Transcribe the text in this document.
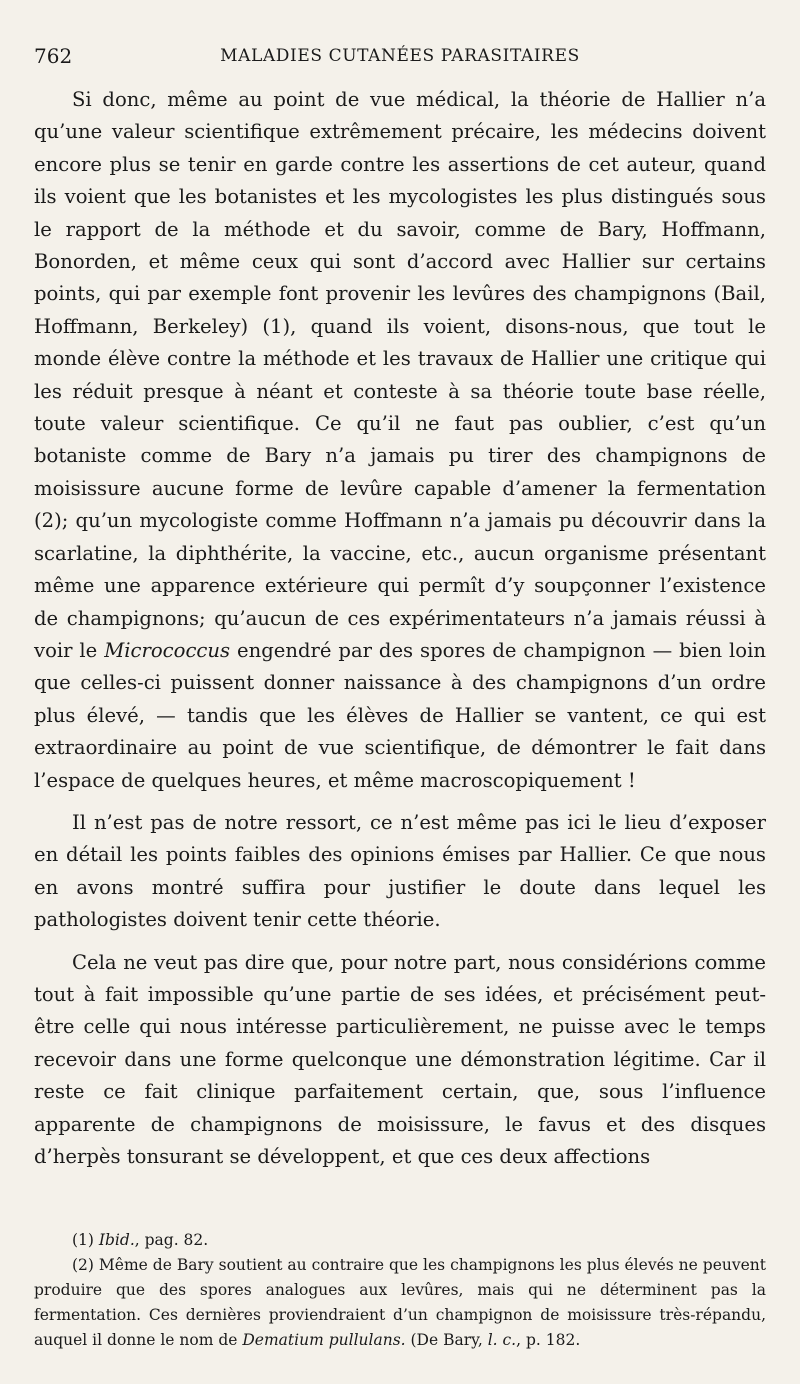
762	MALADIES CUTANÉES PARASITAIRES

Si donc, même au point de vue médical, la théorie de Hallier n’a qu’une valeur scientifique extrêmement précaire, les médecins doivent encore plus se tenir en garde contre les assertions de cet auteur, quand ils voient que les botanistes et les mycologistes les plus distingués sous le rapport de la méthode et du savoir, comme de Bary, Hoffmann, Bonorden, et même ceux qui sont d’accord avec Hallier sur certains points, qui par exemple font provenir les levûres des champignons (Bail, Hoffmann, Berkeley) (1), quand ils voient, disons-nous, que tout le monde élève contre la méthode et les travaux de Hallier une critique qui les réduit presque à néant et conteste à sa théorie toute base réelle, toute valeur scientifique. Ce qu’il ne faut pas oublier, c’est qu’un botaniste comme de Bary n’a jamais pu tirer des champignons de moisissure aucune forme de levûre capable d’amener la fermentation (2); qu’un mycologiste comme Hoffmann n’a jamais pu découvrir dans la scarlatine, la diphthérite, la vaccine, etc., aucun organisme présentant même une apparence extérieure qui permît d’y soupçonner l’existence de champignons; qu’aucun de ces expérimentateurs n’a jamais réussi à voir le Micrococcus engendré par des spores de champignon — bien loin que celles-ci puissent donner naissance à des champignons d’un ordre plus élevé, — tandis que les élèves de Hallier se vantent, ce qui est extraordinaire au point de vue scientifique, de démontrer le fait dans l’espace de quelques heures, et même macroscopiquement !

Il n’est pas de notre ressort, ce n’est même pas ici le lieu d’exposer en détail les points faibles des opinions émises par Hallier. Ce que nous en avons montré suffira pour justifier le doute dans lequel les pathologistes doivent tenir cette théorie.

Cela ne veut pas dire que, pour notre part, nous considérions comme tout à fait impossible qu’une partie de ses idées, et précisément peut-être celle qui nous intéresse particulièrement, ne puisse avec le temps recevoir dans une forme quelconque une démonstration légitime. Car il reste ce fait clinique parfaitement certain, que, sous l’influence apparente de champignons de moisissure, le favus et des disques d’herpès tonsurant se développent, et que ces deux affections

(1) Ibid., pag. 82.

(2) Même de Bary soutient au contraire que les champignons les plus élevés ne peuvent produire que des spores analogues aux levûres, mais qui ne déterminent pas la fermentation. Ces dernières proviendraient d’un champignon de moisissure très-répandu, auquel il donne le nom de Dematium pullulans. (De Bary, l. c., p. 182.
